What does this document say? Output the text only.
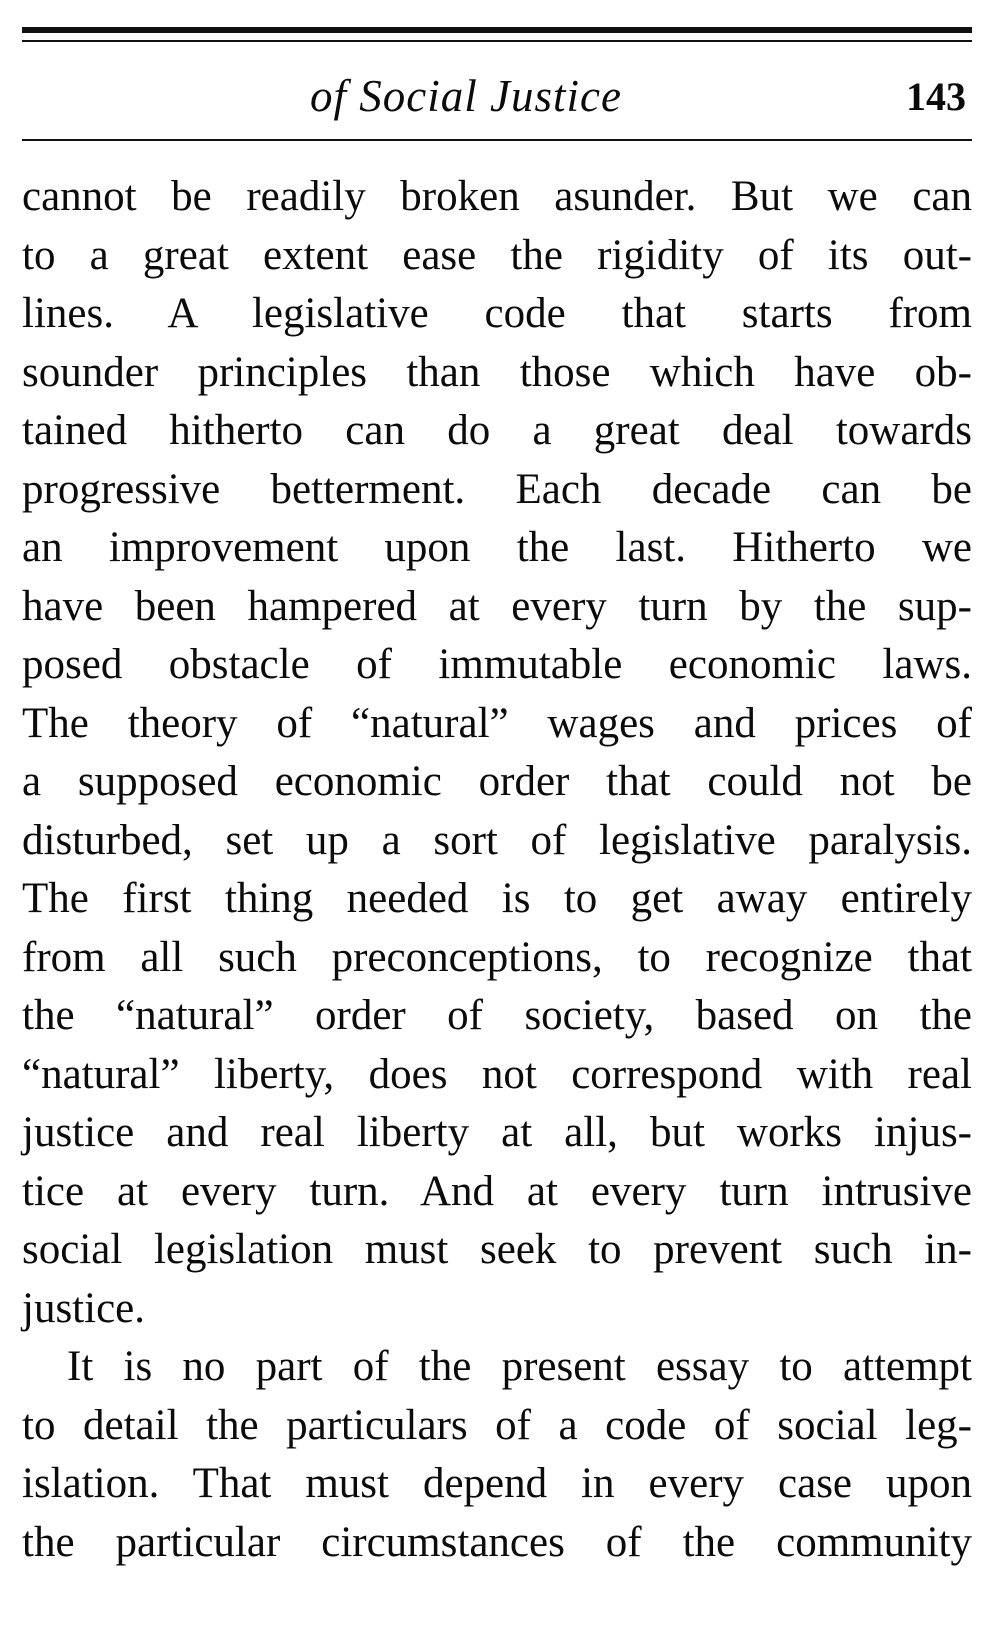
of Social Justice	143
cannot be readily broken asunder. But we can
to a great extent ease the rigidity of its out-
lines. A legislative code that starts from
sounder principles than those which have ob-
tained hitherto can do a great deal towards
progressive betterment. Each decade can be
an improvement upon the last. Hitherto we
have been hampered at every turn by the sup-
posed obstacle of immutable economic laws.
The theory of “natural” wages and prices of
a supposed economic order that could not be
disturbed, set up a sort of legislative paralysis.
The first thing needed is to get away entirely
from all such preconceptions, to recognize that
the “natural” order of society, based on the
“natural” liberty, does not correspond with real
justice and real liberty at all, but works injus-
tice at every turn. And at every turn intrusive
social legislation must seek to prevent such in-
justice.
It is no part of the present essay to attempt
to detail the particulars of a code of social leg-
islation. That must depend in every case upon
the particular circumstances of the community
